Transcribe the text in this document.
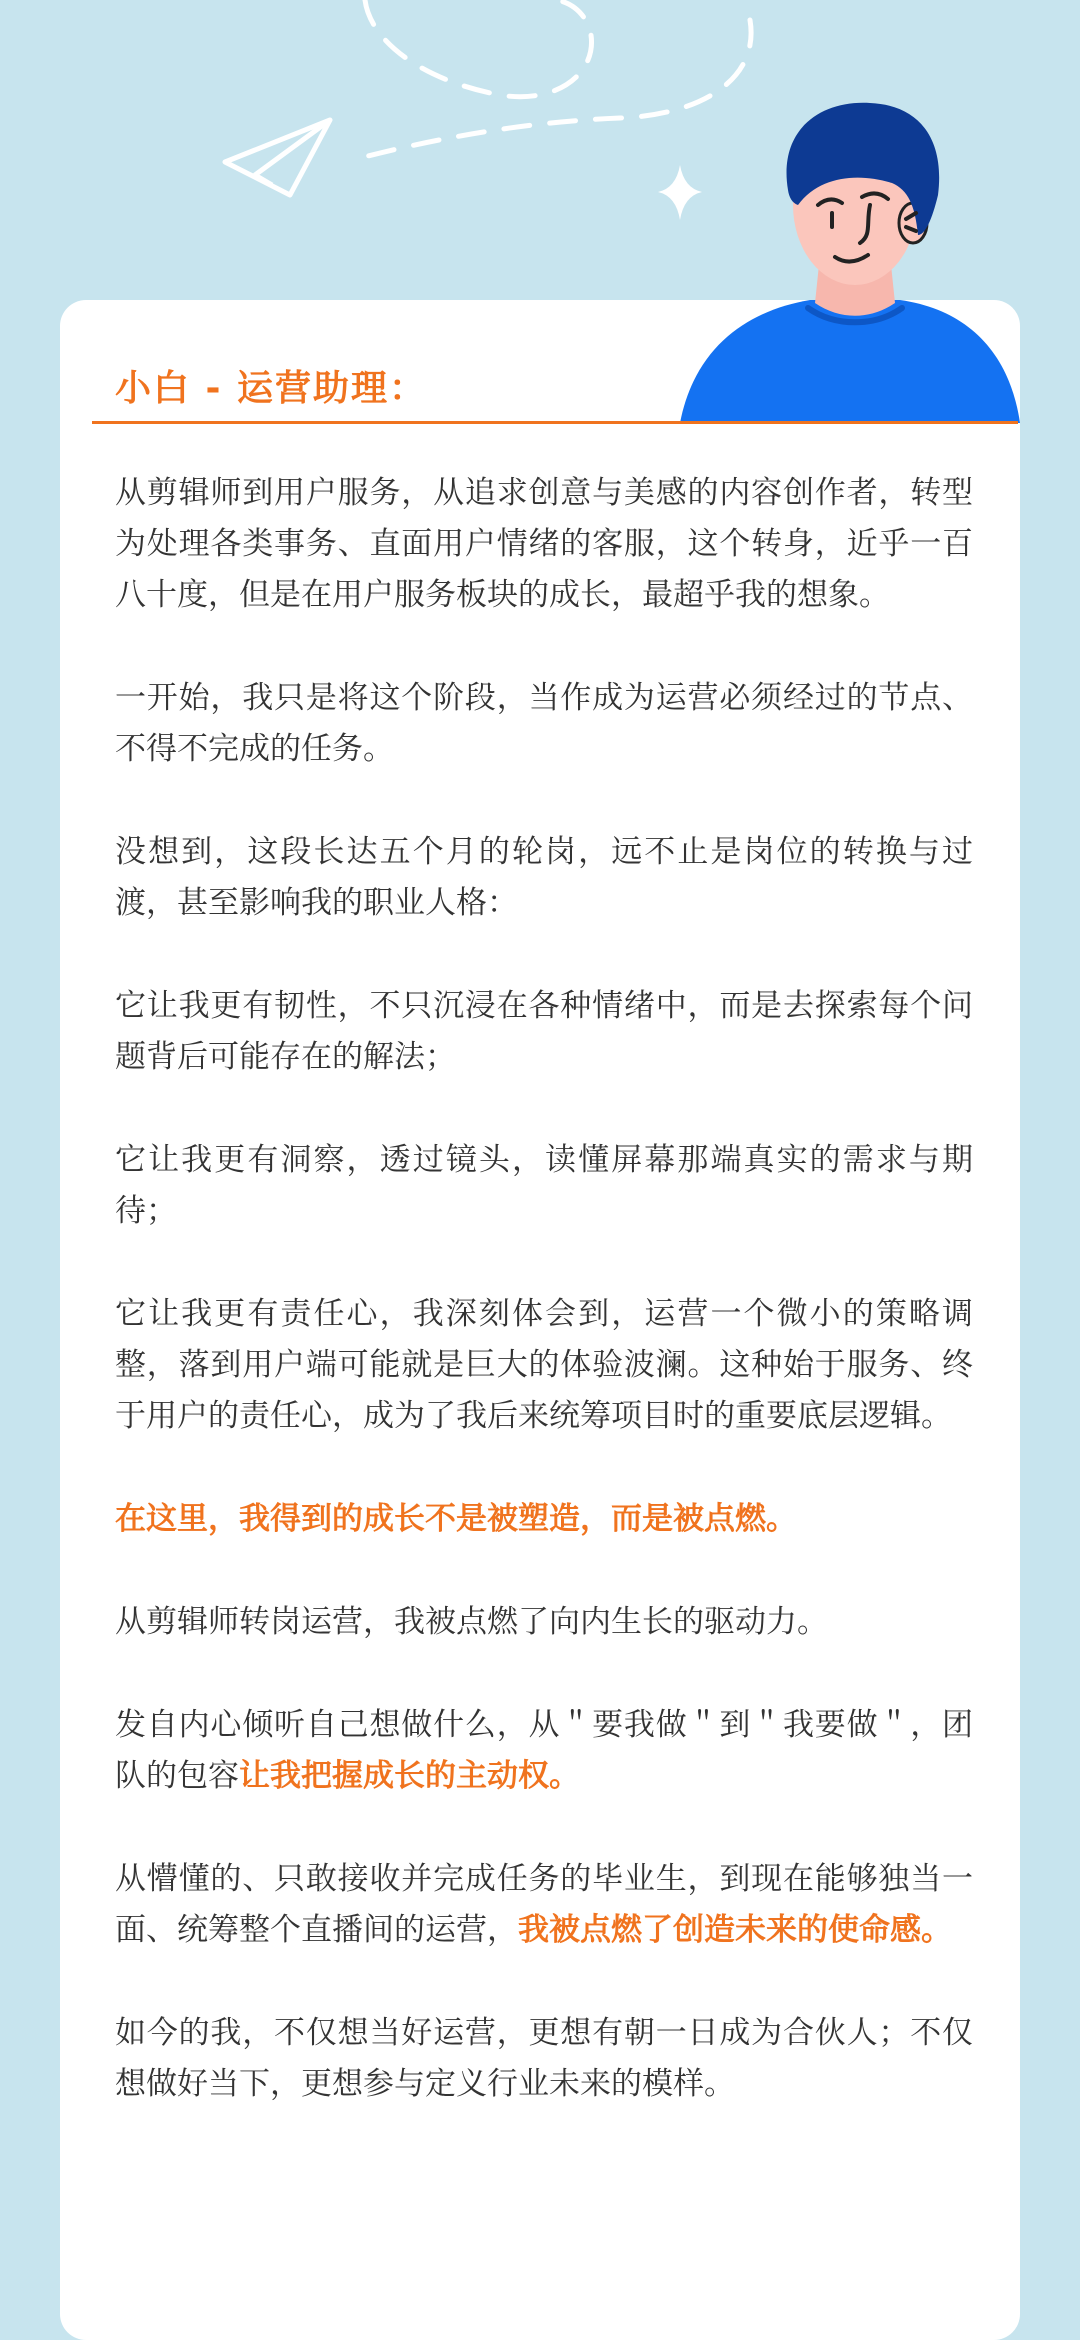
小白 - 运营助理：

从剪辑师到用户服务，从追求创意与美感的内容创作者，转型为处理各类事务、直面用户情绪的客服，这个转身，近乎一百八十度，但是在用户服务板块的成长，最超乎我的想象。

一开始，我只是将这个阶段，当作成为运营必须经过的节点、不得不完成的任务。

没想到，这段长达五个月的轮岗，远不止是岗位的转换与过渡，甚至影响我的职业人格：

它让我更有韧性，不只沉浸在各种情绪中，而是去探索每个问题背后可能存在的解法；

它让我更有洞察，透过镜头，读懂屏幕那端真实的需求与期待；

它让我更有责任心，我深刻体会到，运营一个微小的策略调整，落到用户端可能就是巨大的体验波澜。这种始于服务、终于用户的责任心，成为了我后来统筹项目时的重要底层逻辑。

在这里，我得到的成长不是被塑造，而是被点燃。

从剪辑师转岗运营，我被点燃了向内生长的驱动力。

发自内心倾听自己想做什么，从＂要我做＂到＂我要做＂，团队的包容让我把握成长的主动权。

从懵懂的、只敢接收并完成任务的毕业生，到现在能够独当一面、统筹整个直播间的运营，我被点燃了创造未来的使命感。

如今的我，不仅想当好运营，更想有朝一日成为合伙人；不仅想做好当下，更想参与定义行业未来的模样。
